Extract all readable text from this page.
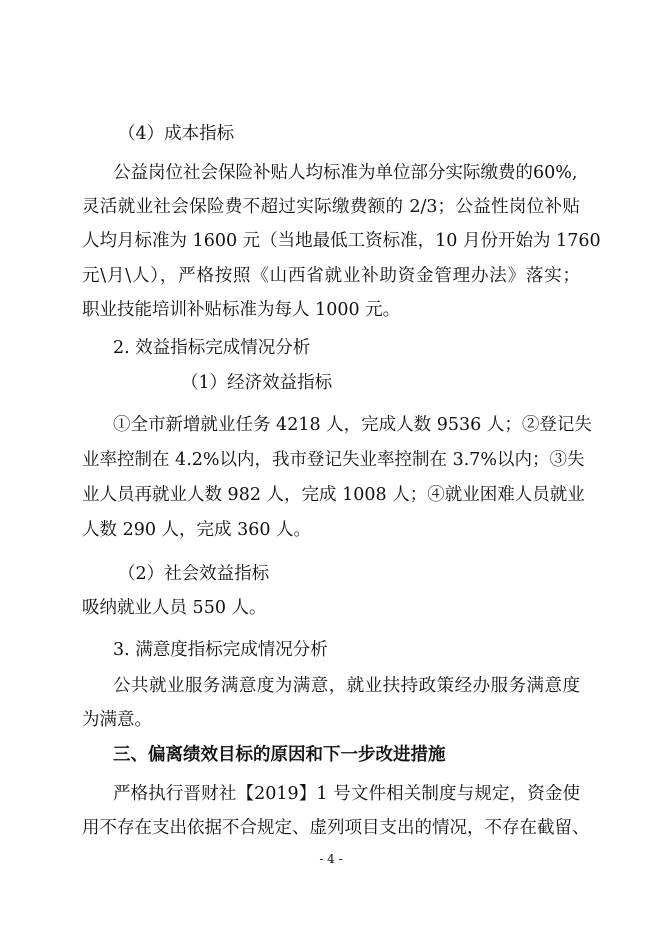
（4）成本指标

公益岗位社会保险补贴人均标准为单位部分实际缴费的60%,

灵活就业社会保险费不超过实际缴费额的 2/3；公益性岗位补贴

人均月标准为 1600 元（当地最低工资标准，10 月份开始为 1760

元\月\人），严格按照《山西省就业补助资金管理办法》落实；

职业技能培训补贴标准为每人 1000 元。

2. 效益指标完成情况分析

（1）经济效益指标

①全市新增就业任务 4218 人，完成人数 9536 人；②登记失

业率控制在 4.2%以内，我市登记失业率控制在 3.7%以内；③失

业人员再就业人数 982 人，完成 1008 人；④就业困难人员就业

人数 290 人，完成 360 人。

（2）社会效益指标

吸纳就业人员 550 人。

3. 满意度指标完成情况分析

公共就业服务满意度为满意，就业扶持政策经办服务满意度

为满意。

三、偏离绩效目标的原因和下一步改进措施

严格执行晋财社【2019】1 号文件相关制度与规定，资金使

用不存在支出依据不合规定、虚列项目支出的情况，不存在截留、

- 4 -
